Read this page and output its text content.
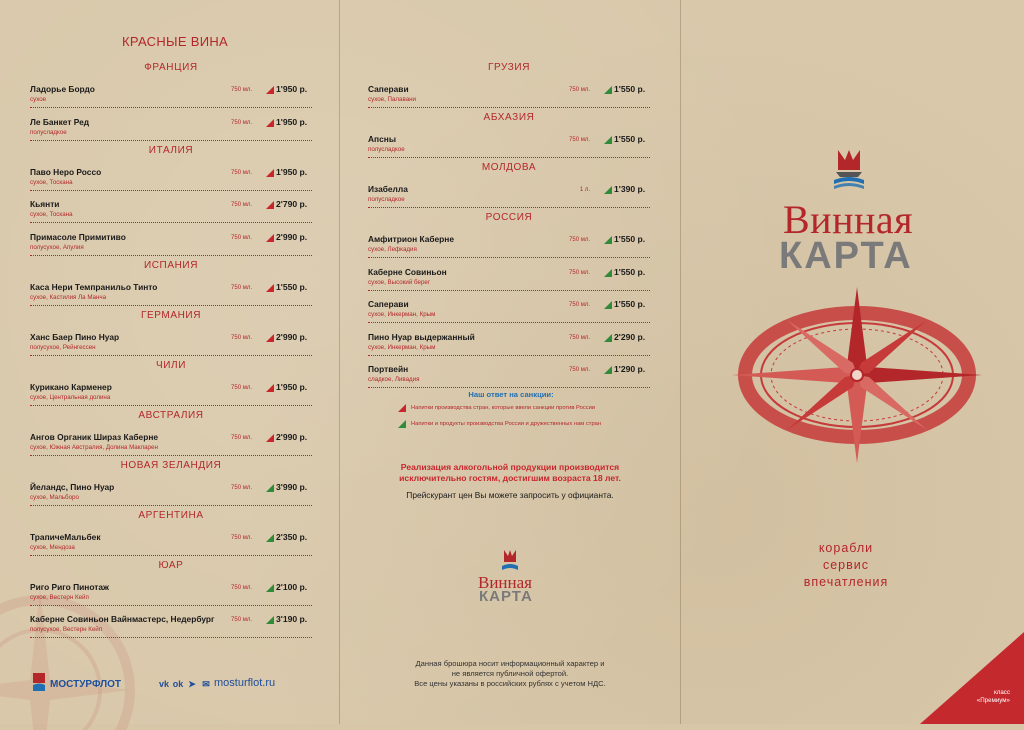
КРАСНЫЕ ВИНА
ФРАНЦИЯ
Ладорье Бордо
сухое
750 мл.	1'950 р.
Ле Банкет Ред
полусладкое
750 мл.	1'950 р.
ИТАЛИЯ
Паво Неро Россо
сухое, Тоскана
750 мл.	1'950 р.
Кьянти
сухое, Тоскана
750 мл.	2'790 р.
Примасоле Примитиво
полусухое, Апулия
750 мл.	2'990 р.
ИСПАНИЯ
Каса Нери Темпранильо Тинто
сухое, Кастилия Ла Манча
750 мл.	1'550 р.
ГЕРМАНИЯ
Ханс Баер Пино Нуар
полусухое, Рейнгессен
750 мл.	2'990 р.
ЧИЛИ
Курикано Карменер
сухое, Центральная долина
750 мл.	1'950 р.
АВСТРАЛИЯ
Ангов Органик Шираз Каберне
сухое, Южная Австралия, Долина Макларен
750 мл.	2'990 р.
НОВАЯ ЗЕЛАНДИЯ
Йеландс, Пино Нуар
сухое, Мальборо
750 мл.	3'990 р.
АРГЕНТИНА
ТрапичеМальбек
сухое, Мендоза
750 мл.	2'350 р.
ЮАР
Риго Риго Пинотаж
сухое, Вестерн Кейп
750 мл.	2'100 р.
Каберне Совиньон Вайнмастерс, Недербург
полусухое, Вестерн Кейп
750 мл.	3'190 р.
МОСТУРФЛОТ	vk ok ➤ ✉ mosturflot.ru
ГРУЗИЯ
Саперави
сухое, Палавани
750 мл.	1'550 р.
АБХАЗИЯ
Апсны
полусладкое
750 мл.	1'550 р.
МОЛДОВА
Изабелла
полусладкое
1 л.	1'390 р.
РОССИЯ
Амфитрион Каберне
сухое, Лефкадия
750 мл.	1'550 р.
Каберне Совиньон
сухое, Высокий берег
750 мл.	1'550 р.
Саперави
сухое, Инкерман, Крым
750 мл.	1'550 р.
Пино Нуар выдержанный
сухое, Инкерман, Крым
750 мл.	2'290 р.
Портвейн
сладкое, Ливадия
750 мл.	1'290 р.
Наш ответ на санкции:
Напитки производства стран, которые ввели санкции против России
Напитки и продукты производства России и дружественных нам стран
Реализация алкогольной продукции производится
исключительно гостям, достигшим возраста 18 лет.
Прейскурант цен Вы можете запросить у официанта.
Винная
КАРТА
Данная брошюра носит информационный характер и
не является публичной офертой.
Все цены указаны в российских рублях с учетом НДС.
Винная
КАРТА
корабли
сервис
впечатления
класс
«Премиум»
